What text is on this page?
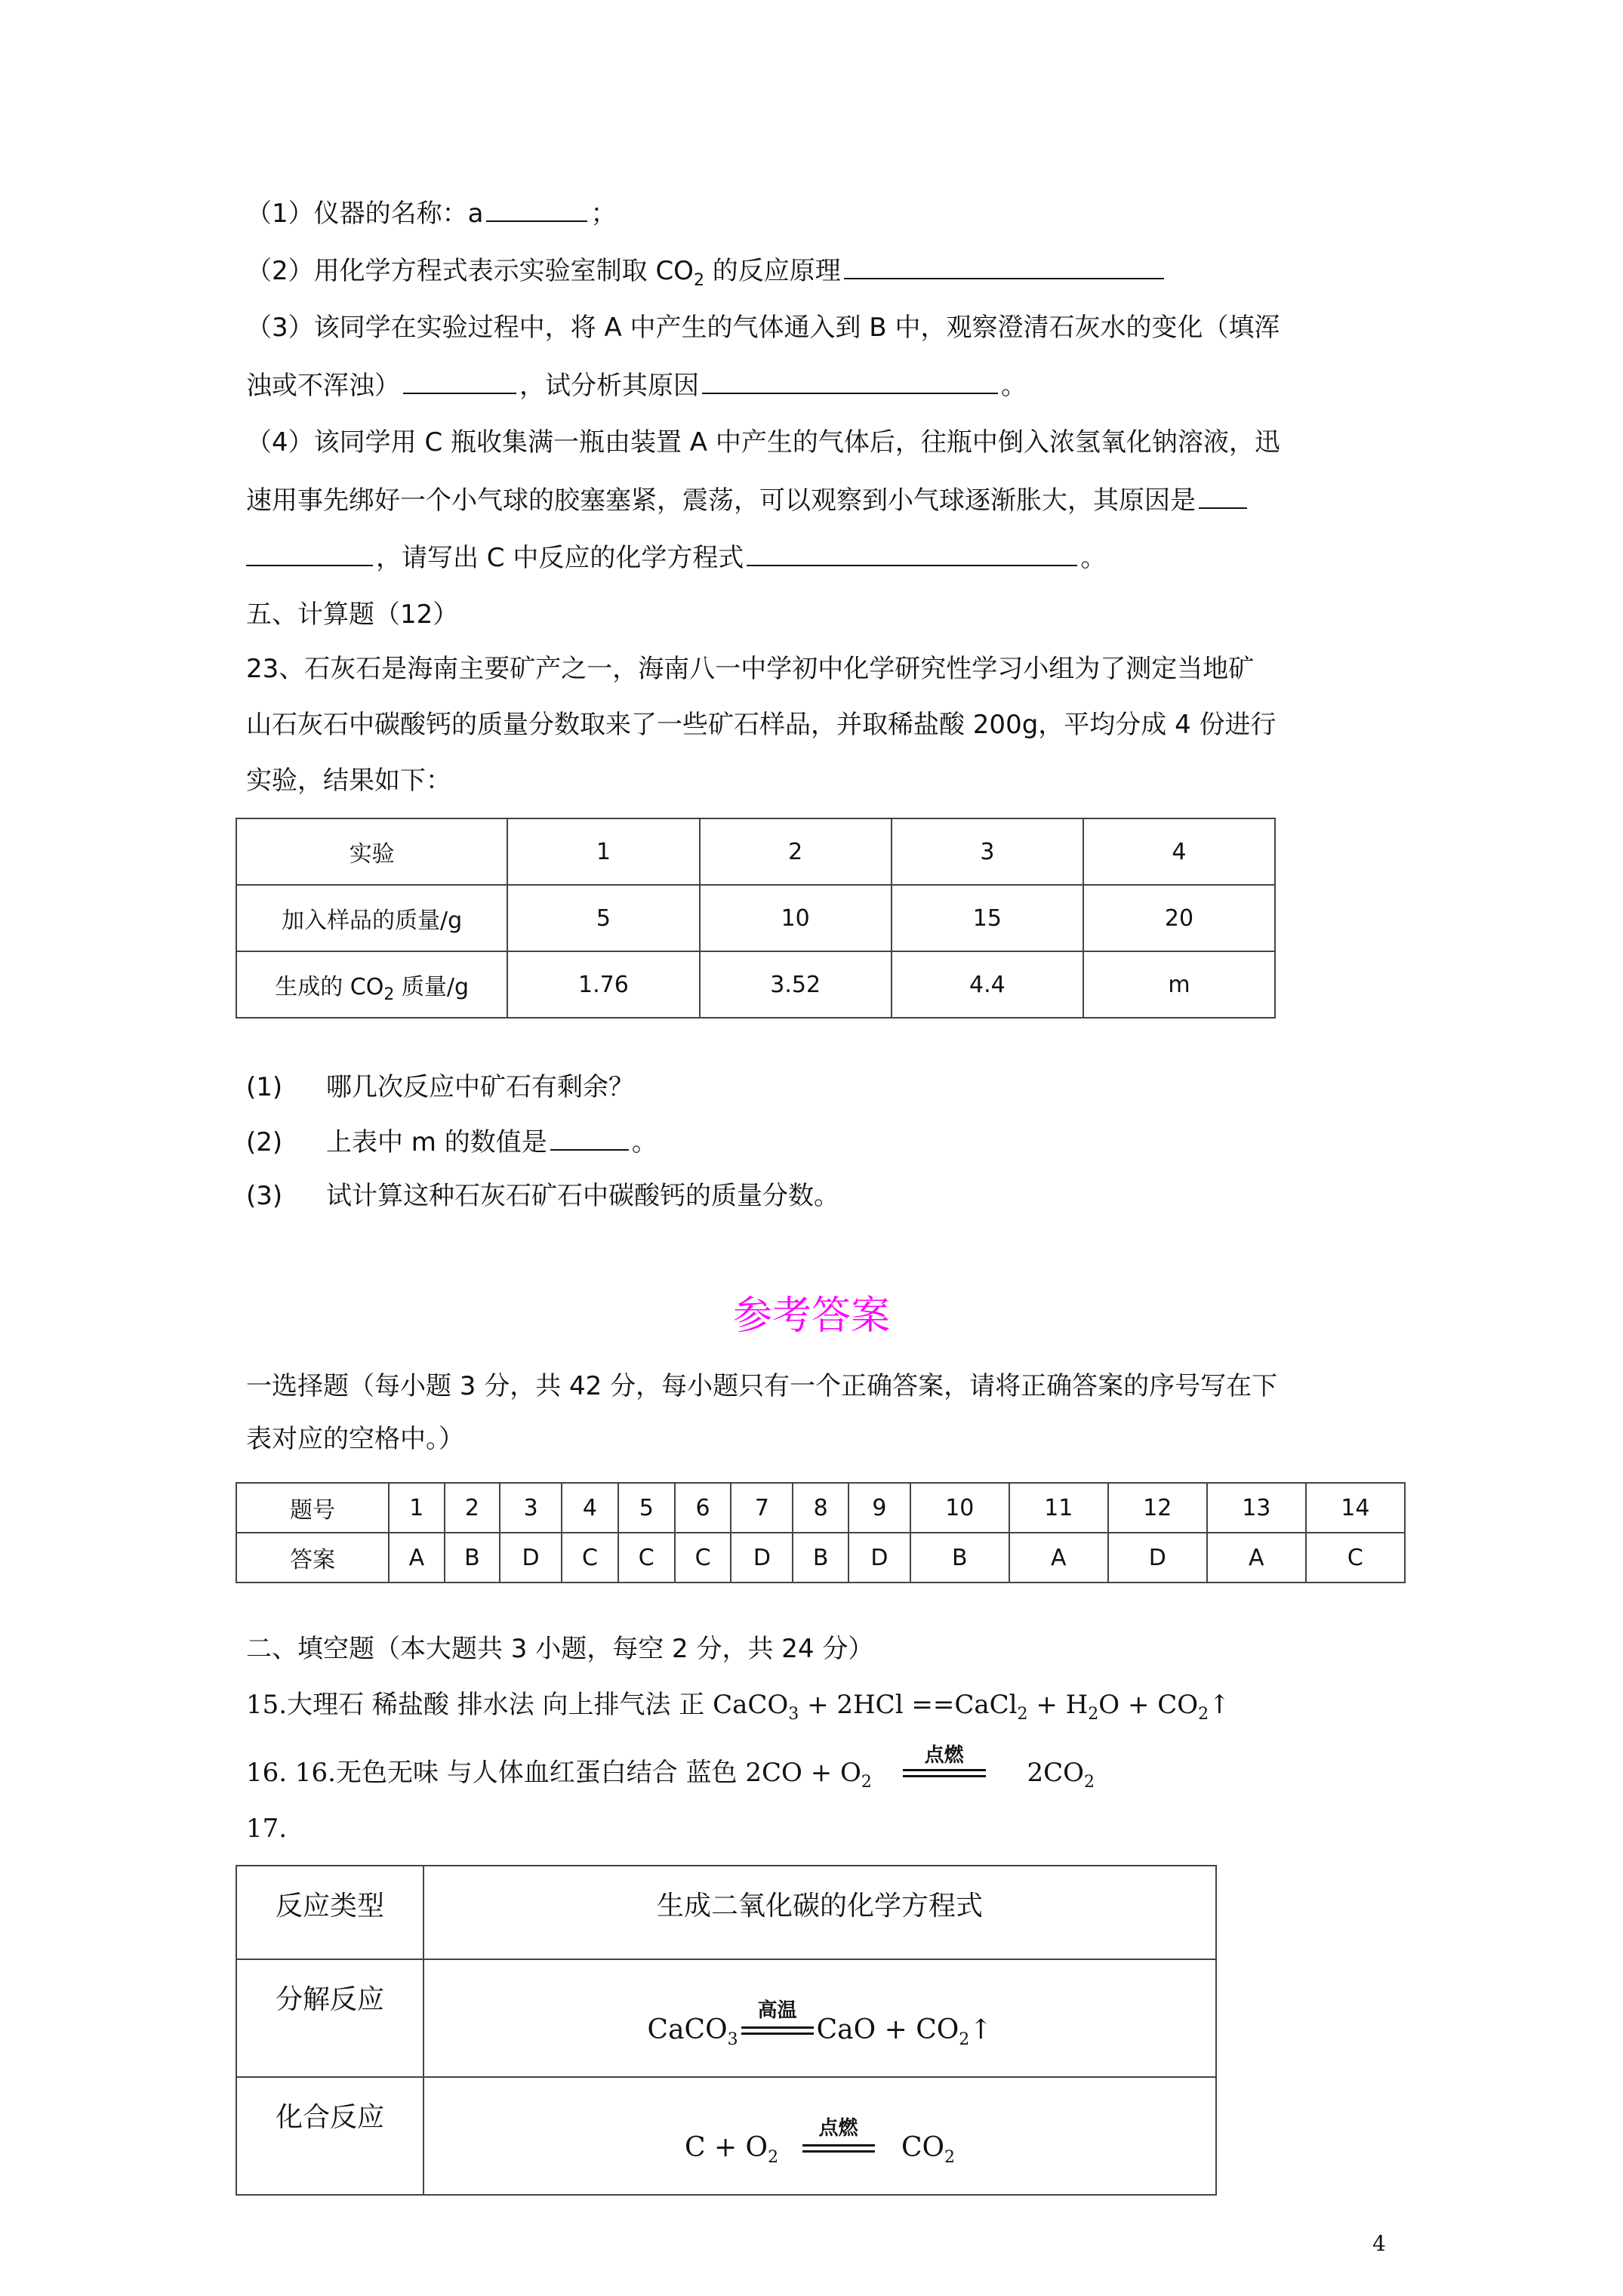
（1）仪器的名称：a	；
（2）用化学方程式表示实验室制取 $CO_2$ 的反应原理
（3）该同学在实验过程中，将 A 中产生的气体通入到 B 中，观察澄清石灰水的变化（填浑
浊或不浑浊）	，试分析其原因	。
（4）该同学用 C 瓶收集满一瓶由装置 A 中产生的气体后，往瓶中倒入浓氢氧化钠溶液，迅
速用事先绑好一个小气球的胶塞塞紧，震荡，可以观察到小气球逐渐胀大，其原因是
，请写出 C 中反应的化学方程式	。
五、计算题（12）
23、石灰石是海南主要矿产之一，海南八一中学初中化学研究性学习小组为了测定当地矿
山石灰石中碳酸钙的质量分数取来了一些矿石样品，并取稀盐酸 200g，平均分成 4 份进行
实验，结果如下：
实验	1	2	3	4
加入样品的质量/g	5	10	15	20
生成的 $CO_2$ 质量/g	1.76	3.52	4.4	m
(1) 哪几次反应中矿石有剩余？
(2) 上表中 m 的数值是	。
(3) 试计算这种石灰石矿石中碳酸钙的质量分数。
参考答案
一选择题（每小题 3 分，共 42 分，每小题只有一个正确答案，请将正确答案的序号写在下
表对应的空格中。）
题号	1	2	3	4	5	6	7	8	9	10	11	12	13	14
答案	A	B	D	C	C	C	D	B	D	B	A	D	A	C
二、填空题（本大题共 3 小题，每空 2 分，共 24 分）
15.大理石 稀盐酸 排水法 向上排气法 正 CaCO$_3$ + 2HCl ==CaCl$_2$ + $H_2O$ + $CO_2↑$
16. 16.无色无味 与人体血红蛋白结合 蓝色 $2CO + O_2$
点燃
$2CO_2$
17.
反应类型	生成二氧化碳的化学方程式
分解反应	CaCO$_3$
高温
CaO + $CO_2↑$
化合反应	$C + O_2$
点燃
$CO_2$
4
